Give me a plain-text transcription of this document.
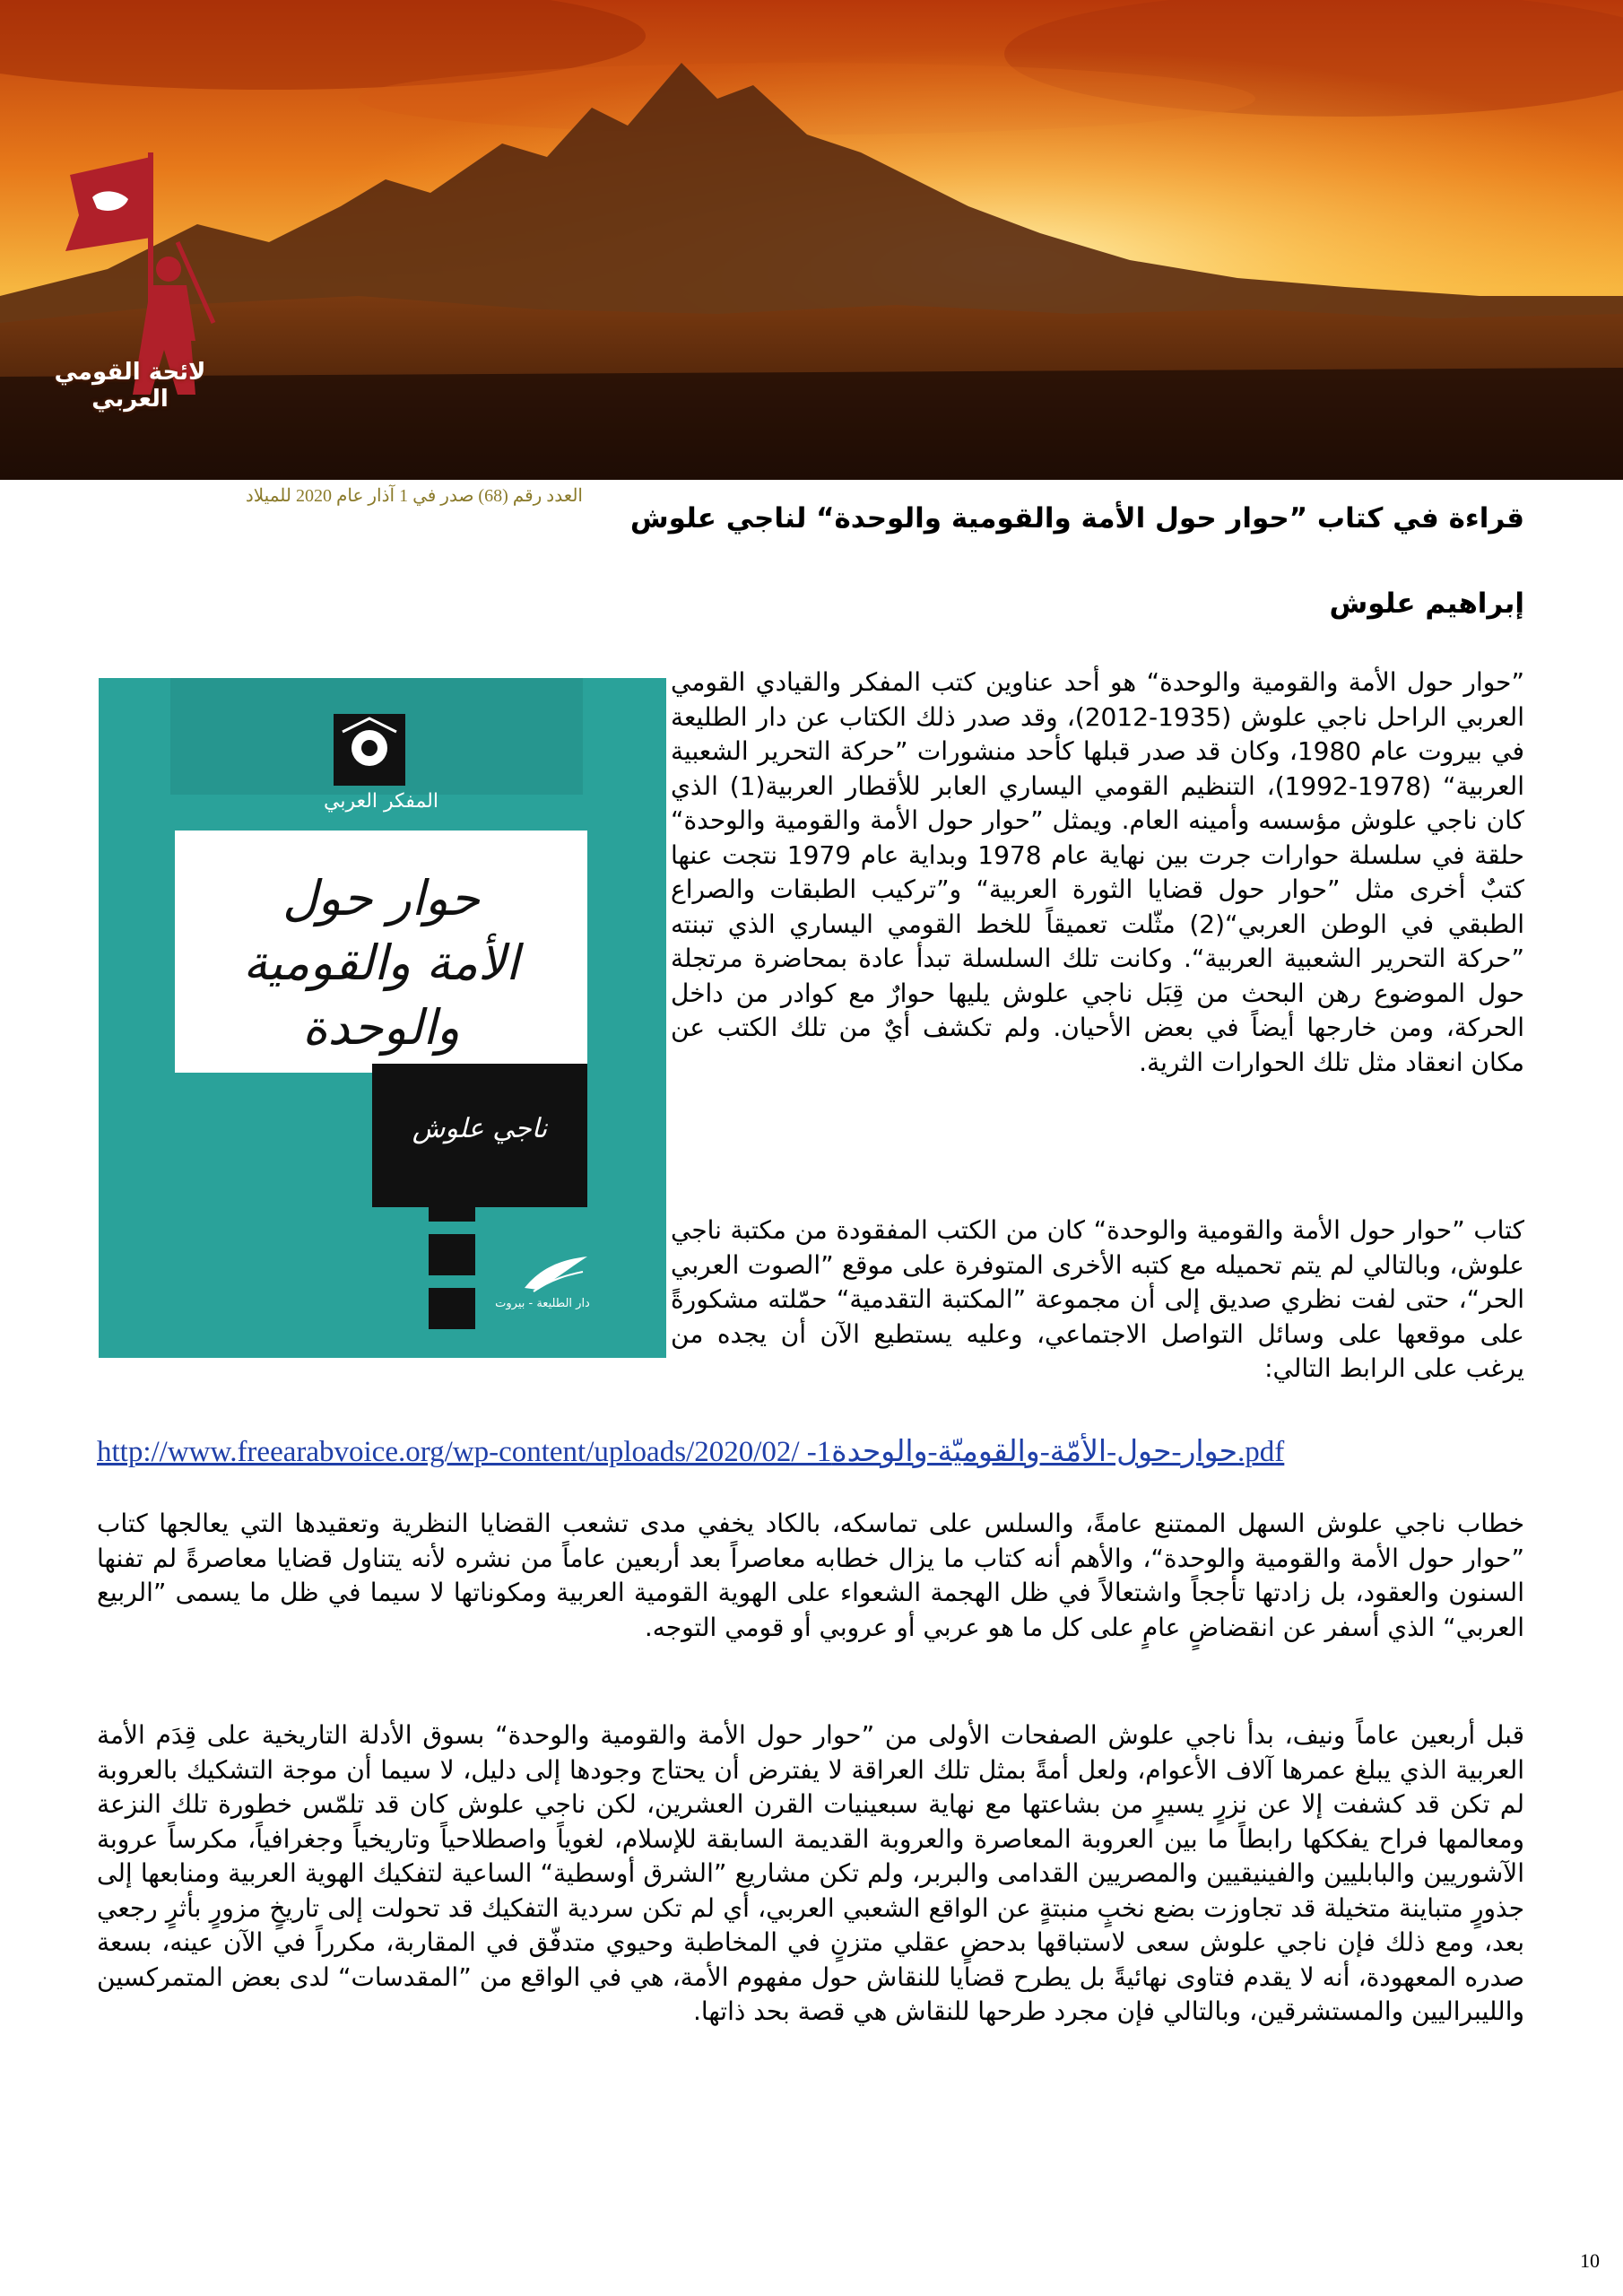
لائحة القومي العربي
العدد رقم (68) صدر في 1 آذار عام 2020 للميلاد
قراءة في كتاب ”حوار حول الأمة والقومية والوحدة“ لناجي علوش
إبراهيم علوش
المفكر العربي
حوار حول
الأمة والقومية والوحدة
ناجي علوش
دار الطليعة - بيروت

”حوار حول الأمة والقومية والوحدة“ هو أحد عناوين كتب المفكر والقيادي القومي العربي الراحل ناجي علوش (1935-2012)، وقد صدر ذلك الكتاب عن دار الطليعة في بيروت عام 1980، وكان قد صدر قبلها كأحد منشورات ”حركة التحرير الشعبية العربية“ (1978-1992)، التنظيم القومي اليساري العابر للأقطار العربية(1) الذي كان ناجي علوش مؤسسه وأمينه العام. ويمثل ”حوار حول الأمة والقومية والوحدة“ حلقة في سلسلة حوارات جرت بين نهاية عام 1978 وبداية عام 1979 نتجت عنها كتبٌ أخرى مثل ”حوار حول قضايا الثورة العربية“ و”تركيب الطبقات والصراع الطبقي في الوطن العربي“(2) مثّلت تعميقاً للخط القومي اليساري الذي تبنته ”حركة التحرير الشعبية العربية“. وكانت تلك السلسلة تبدأ عادة بمحاضرة مرتجلة حول الموضوع رهن البحث من قِبَل ناجي علوش يليها حوارٌ مع كوادر من داخل الحركة، ومن خارجها أيضاً في بعض الأحيان. ولم تكشف أيٌ من تلك الكتب عن مكان انعقاد مثل تلك الحوارات الثرية.

كتاب ”حوار حول الأمة والقومية والوحدة“ كان من الكتب المفقودة من مكتبة ناجي علوش، وبالتالي لم يتم تحميله مع كتبه الأخرى المتوفرة على موقع ”الصوت العربي الحر“، حتى لفت نظري صديق إلى أن مجموعة ”المكتبة التقدمية“ حمّلته مشكورةً على موقعها على وسائل التواصل الاجتماعي، وعليه يستطيع الآن أن يجده من يرغب على الرابط التالي:

http://www.freearabvoice.org/wp-content/uploads/2020/02/ -1حوار-حول-الأمّة-والقوميّة-والوحدة.pdf

خطاب ناجي علوش السهل الممتنع عامةً، والسلس على تماسكه، بالكاد يخفي مدى تشعب القضايا النظرية وتعقيدها التي يعالجها كتاب ”حوار حول الأمة والقومية والوحدة“، والأهم أنه كتاب ما يزال خطابه معاصراً بعد أربعين عاماً من نشره لأنه يتناول قضايا معاصرةً لم تفنها السنون والعقود، بل زادتها تأججاً واشتعالاً في ظل الهجمة الشعواء على الهوية القومية العربية ومكوناتها لا سيما في ظل ما يسمى ”الربيع العربي“ الذي أسفر عن انقضاضٍ عامٍ على كل ما هو عربي أو عروبي أو قومي التوجه.

قبل أربعين عاماً ونيف، بدأ ناجي علوش الصفحات الأولى من ”حوار حول الأمة والقومية والوحدة“ بسوق الأدلة التاريخية على قِدَم الأمة العربية الذي يبلغ عمرها آلاف الأعوام، ولعل أمةً بمثل تلك العراقة لا يفترض أن يحتاج وجودها إلى دليل، لا سيما أن موجة التشكيك بالعروبة لم تكن قد كشفت إلا عن نزرٍ يسيرٍ من بشاعتها مع نهاية سبعينيات القرن العشرين، لكن ناجي علوش كان قد تلمّس خطورة تلك النزعة ومعالمها فراح يفككها رابطاً ما بين العروبة المعاصرة والعروبة القديمة السابقة للإسلام، لغوياً واصطلاحياً وتاريخياً وجغرافياً، مكرساً عروبة الآشوريين والبابليين والفينيقيين والمصريين القدامى والبربر، ولم تكن مشاريع ”الشرق أوسطية“ الساعية لتفكيك الهوية العربية ومنابعها إلى جذورٍ متباينة متخيلة قد تجاوزت بضع نخبٍ منبتةٍ عن الواقع الشعبي العربي، أي لم تكن سردية التفكيك قد تحولت إلى تاريخٍ مزورٍ بأثرٍ رجعي بعد، ومع ذلك فإن ناجي علوش سعى لاستباقها بدحضٍ عقلي متزنٍ في المخاطبة وحيوي متدفّق في المقاربة، مكرراً في الآن عينه، بسعة صدره المعهودة، أنه لا يقدم فتاوى نهائيةً بل يطرح قضايا للنقاش حول مفهوم الأمة، هي في الواقع من ”المقدسات“ لدى بعض المتمركسين والليبراليين والمستشرقين، وبالتالي فإن مجرد طرحها للنقاش هي قصة بحد ذاتها.

10
